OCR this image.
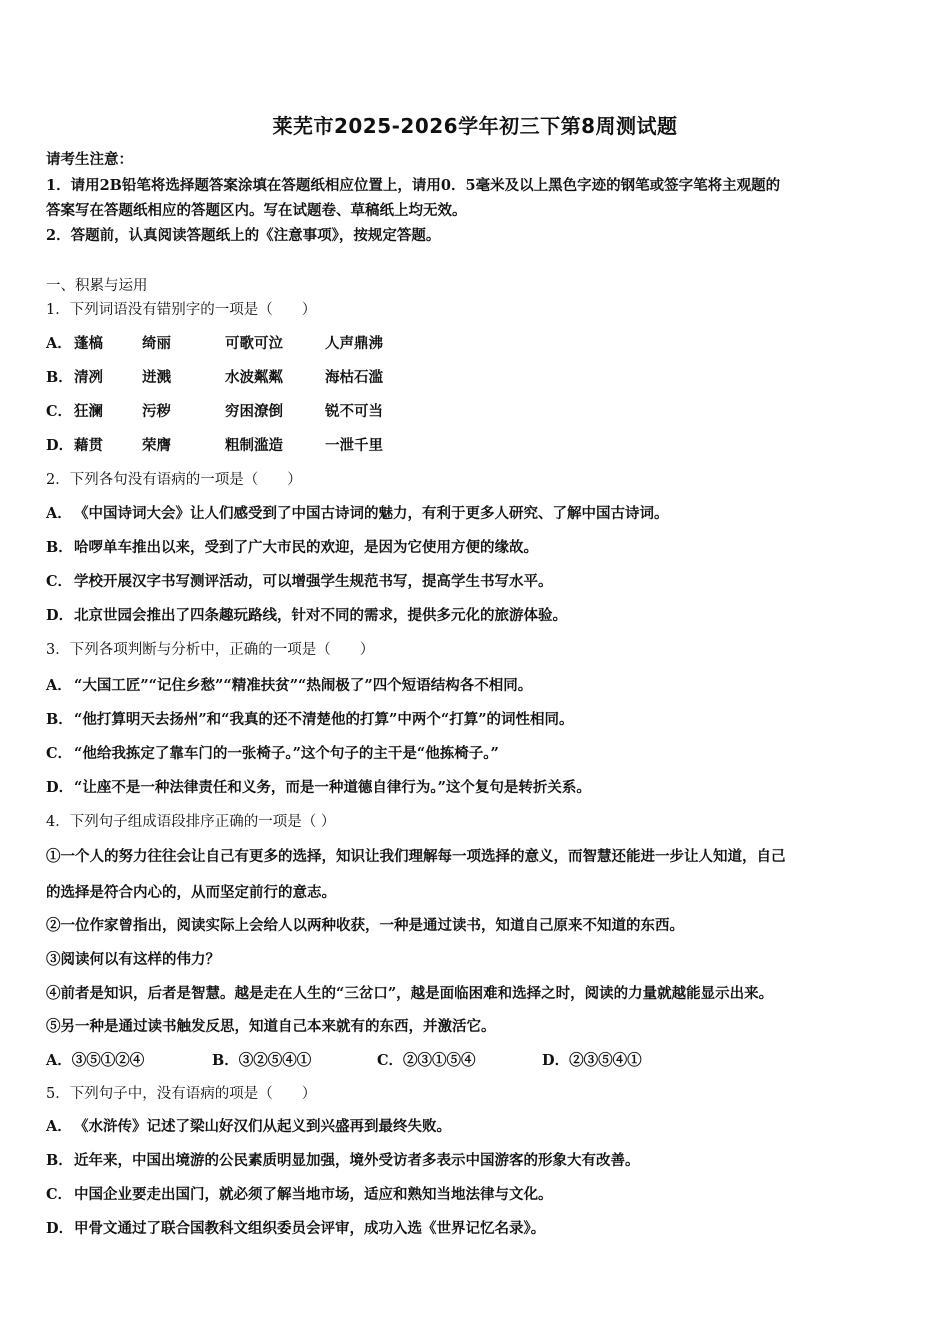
莱芜市2025-2026学年初三下第8周测试题
请考生注意：
1．请用2B铅笔将选择题答案涂填在答题纸相应位置上，请用0．5毫米及以上黑色字迹的钢笔或签字笔将主观题的
答案写在答题纸相应的答题区内。写在试题卷、草稿纸上均无效。
2．答题前，认真阅读答题纸上的《注意事项》，按规定答题。
一、积累与运用
1．下列词语没有错别字的一项是（　　）
A． 蓬槁	绮丽	可歌可泣	人声鼎沸
B． 清冽	迸溅	水波粼粼	海枯石滥
C． 狂澜	污秽	穷困潦倒	锐不可当
D． 藉贯	荣膺	粗制滥造	一泄千里
2．下列各句没有语病的一项是（　　）
A． 《中国诗词大会》让人们感受到了中国古诗词的魅力，有利于更多人研究、了解中国古诗词。
B． 哈啰单车推出以来，受到了广大市民的欢迎，是因为它使用方便的缘故。
C． 学校开展汉字书写测评活动，可以增强学生规范书写，提高学生书写水平。
D． 北京世园会推出了四条趣玩路线，针对不同的需求，提供多元化的旅游体验。
3．下列各项判断与分析中，正确的一项是（　　）
A． “大国工匠”“记住乡愁”“精准扶贫”“热闹极了”四个短语结构各不相同。
B． “他打算明天去扬州”和“我真的还不清楚他的打算”中两个“打算”的词性相同。
C． “他给我拣定了靠车门的一张椅子。”这个句子的主干是“他拣椅子。”
D． “让座不是一种法律责任和义务，而是一种道德自律行为。”这个复句是转折关系。
4．下列句子组成语段排序正确的一项是（ ）
①一个人的努力往往会让自己有更多的选择，知识让我们理解每一项选择的意义，而智慧还能进一步让人知道，自己
的选择是符合内心的，从而坚定前行的意志。
②一位作家曾指出，阅读实际上会给人以两种收获，一种是通过读书，知道自己原来不知道的东西。
③阅读何以有这样的伟力？
④前者是知识，后者是智慧。越是走在人生的“三岔口”，越是面临困难和选择之时，阅读的力量就越能显示出来。
⑤另一种是通过读书触发反思，知道自己本来就有的东西，并激活它。
A．③⑤①②④	B．③②⑤④①	C．②③①⑤④	D．②③⑤④①
5．下列句子中，没有语病的项是（　　）
A． 《水浒传》记述了梁山好汉们从起义到兴盛再到最终失败。
B． 近年来，中国出境游的公民素质明显加强，境外受访者多表示中国游客的形象大有改善。
C． 中国企业要走出国门，就必须了解当地市场，适应和熟知当地法律与文化。
D． 甲骨文通过了联合国教科文组织委员会评审，成功入选《世界记忆名录》。
